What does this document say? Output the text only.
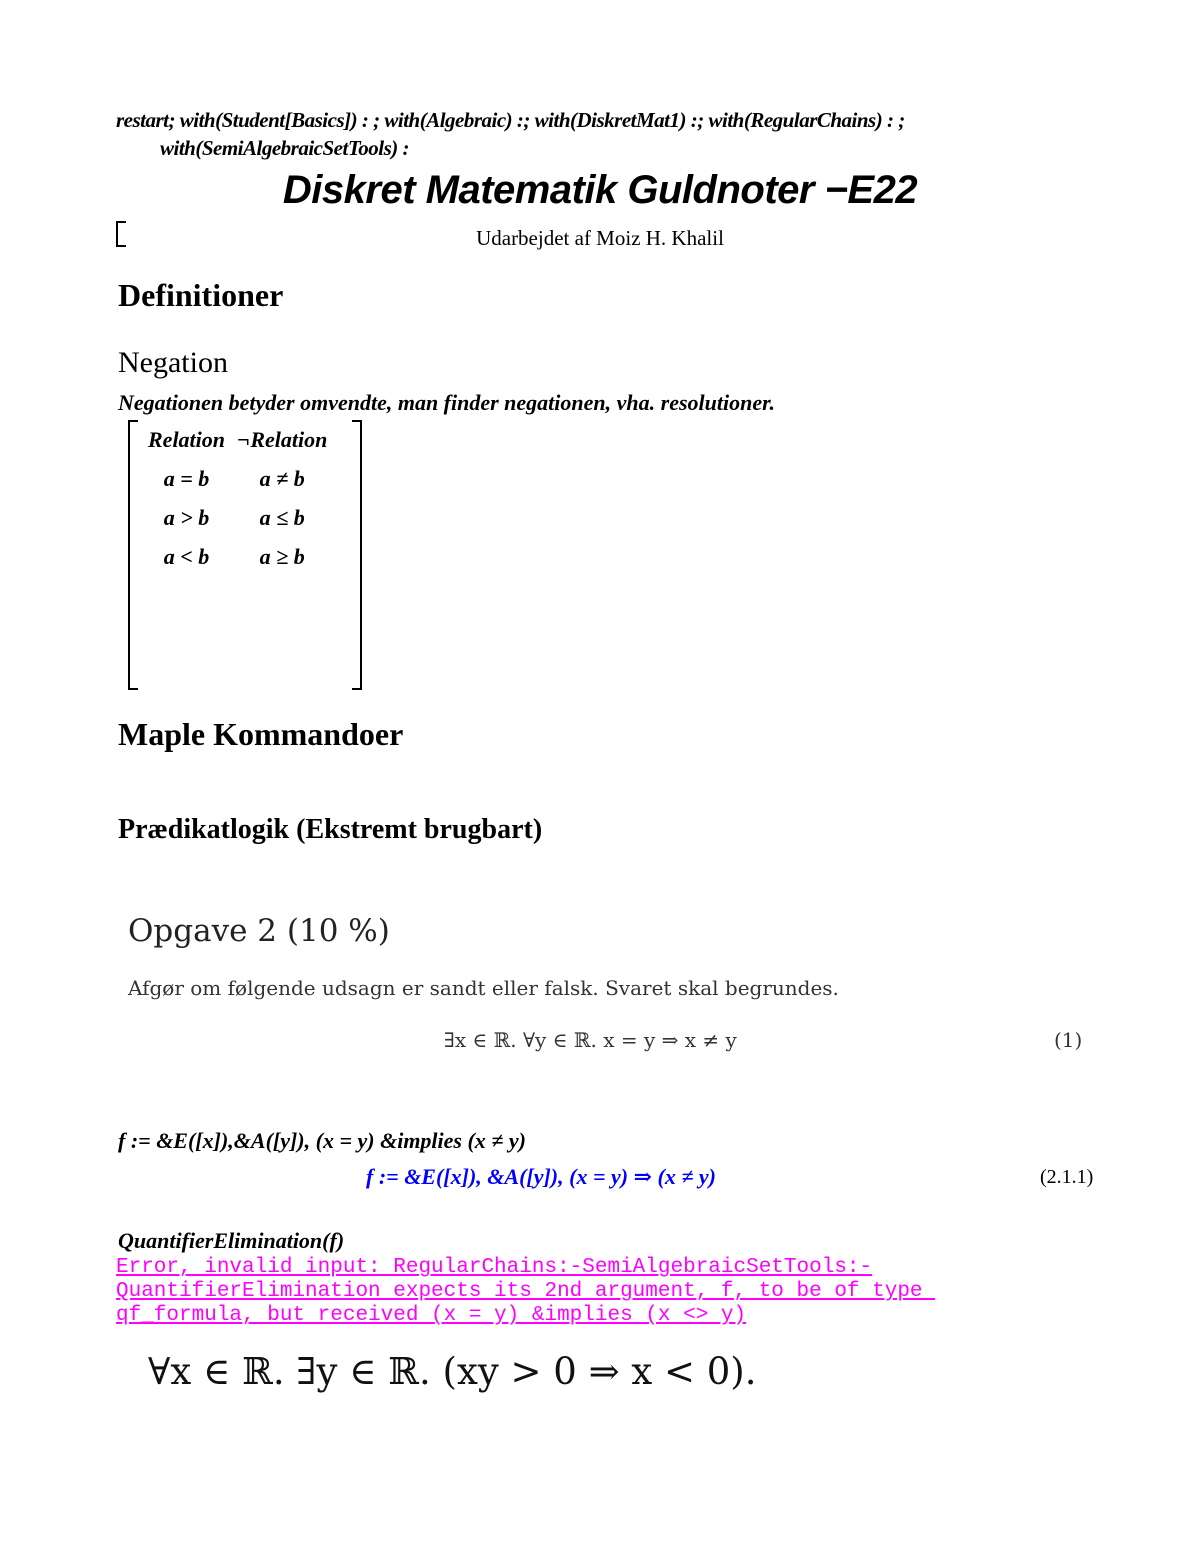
restart; with(Student[Basics]) : ; with(Algebraic) :; with(DiskretMat1) :; with(RegularChains) : ;
with(SemiAlgebraicSetTools) :
Diskret Matematik Guldnoter −E22
Udarbejdet af Moiz H. Khalil
Definitioner
Negation
Negationen betyder omvendte, man finder negationen, vha. resolutioner.
Relation	¬Relation
a = b	a ≠ b
a > b	a ≤ b
a < b	a ≥ b
Maple Kommandoer
Prædikatlogik (Ekstremt brugbart)
Opgave 2 (10 %)
Afgør om følgende udsagn er sandt eller falsk. Svaret skal begrundes.
∃x ∈ ℝ. ∀y ∈ ℝ. x = y ⇒ x ≠ y	(1)
f := &E([x]),&A([y]), (x = y) &implies (x ≠ y)
f := &E([x]), &A([y]), (x = y) ⇒ (x ≠ y)	(2.1.1)
QuantifierElimination(f)
Error, invalid input: RegularChains:-SemiAlgebraicSetTools:-
QuantifierElimination expects its 2nd argument, f, to be of type
qf_formula, but received (x = y) &implies (x <> y)
∀x ∈ ℝ. ∃y ∈ ℝ. (xy > 0 ⇒ x < 0).
